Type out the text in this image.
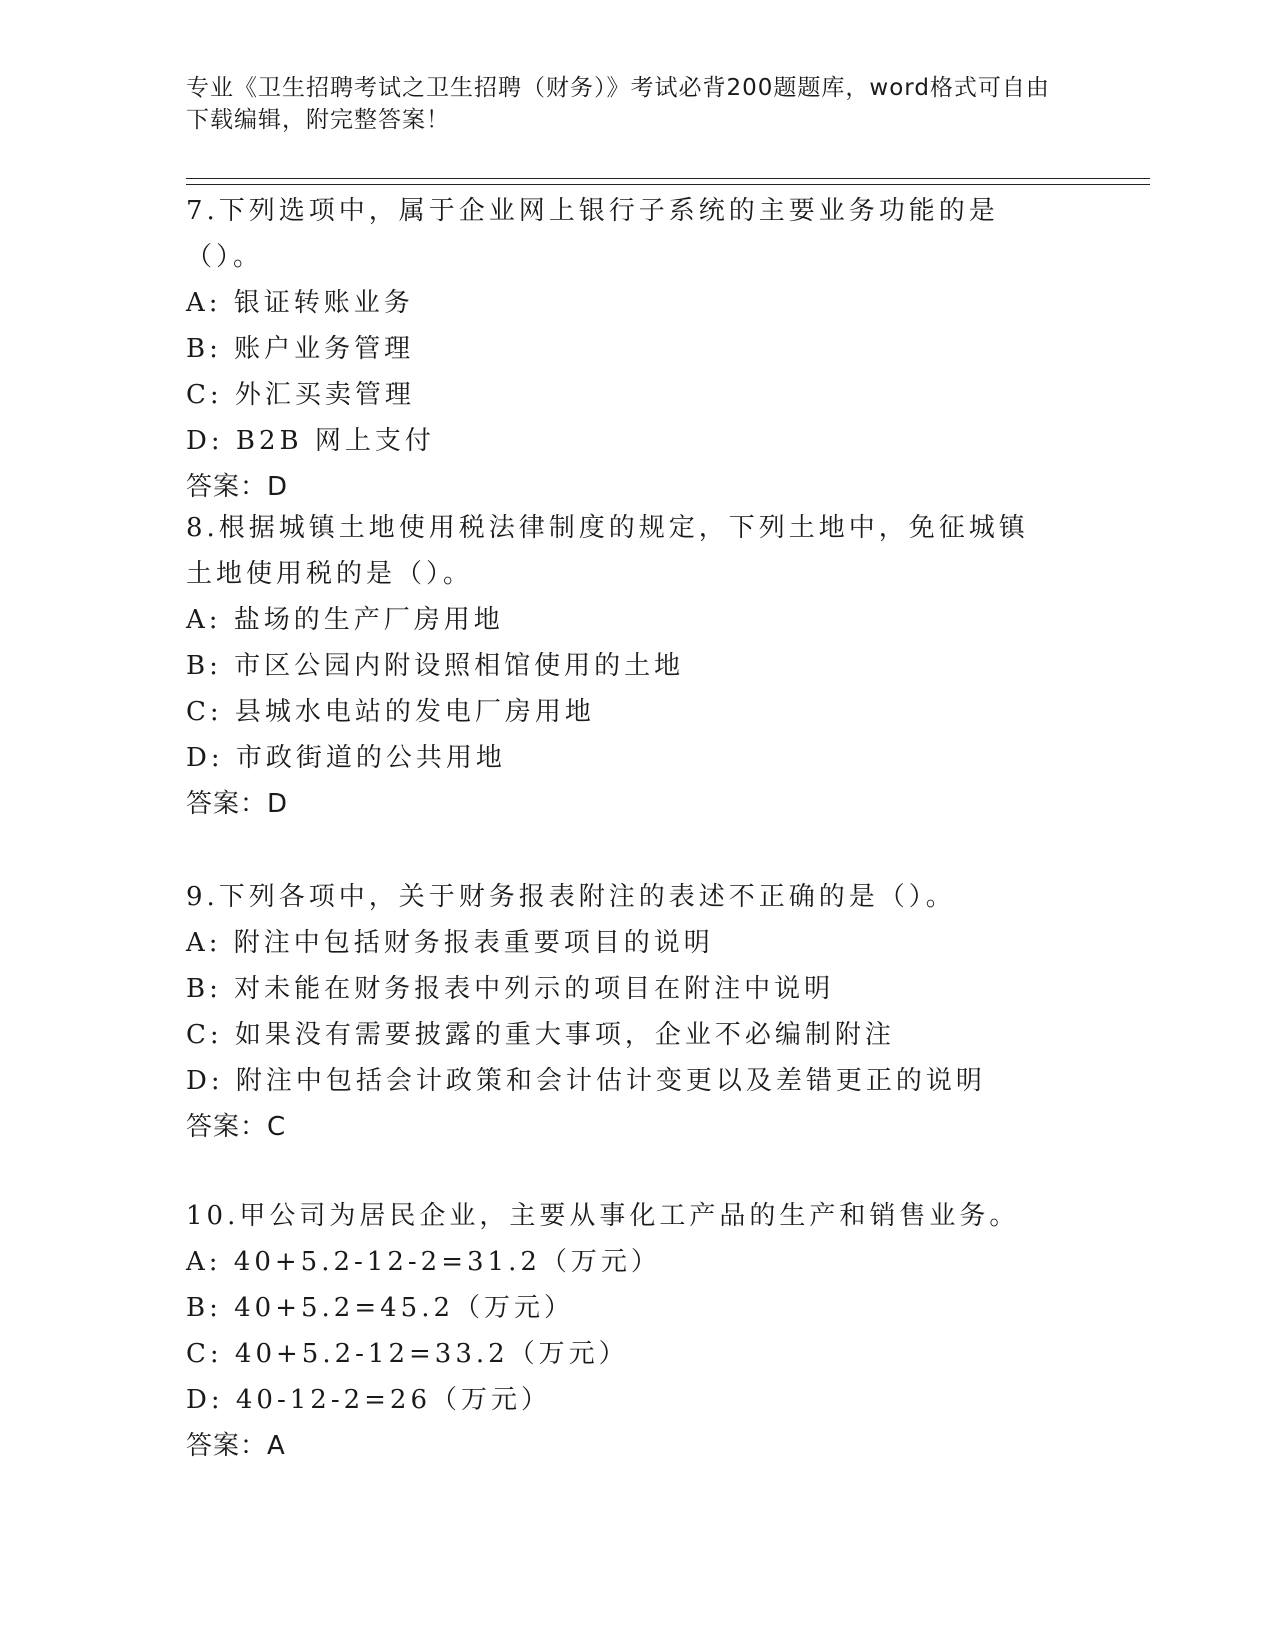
专业《卫生招聘考试之卫生招聘（财务）》考试必背200题题库，word格式可自由下载编辑，附完整答案！
7.下列选项中，属于企业网上银行子系统的主要业务功能的是（）。
A: 银证转账业务
B: 账户业务管理
C: 外汇买卖管理
D: B2B 网上支付
答案：D
8.根据城镇土地使用税法律制度的规定，下列土地中，免征城镇土地使用税的是（）。
A: 盐场的生产厂房用地
B: 市区公园内附设照相馆使用的土地
C: 县城水电站的发电厂房用地
D: 市政街道的公共用地
答案：D
9.下列各项中，关于财务报表附注的表述不正确的是（）。
A: 附注中包括财务报表重要项目的说明
B: 对未能在财务报表中列示的项目在附注中说明
C: 如果没有需要披露的重大事项，企业不必编制附注
D: 附注中包括会计政策和会计估计变更以及差错更正的说明
答案：C
10.甲公司为居民企业，主要从事化工产品的生产和销售业务。
A: 40+5.2-12-2=31.2（万元）
B: 40+5.2=45.2（万元）
C: 40+5.2-12=33.2（万元）
D: 40-12-2=26（万元）
答案：A
